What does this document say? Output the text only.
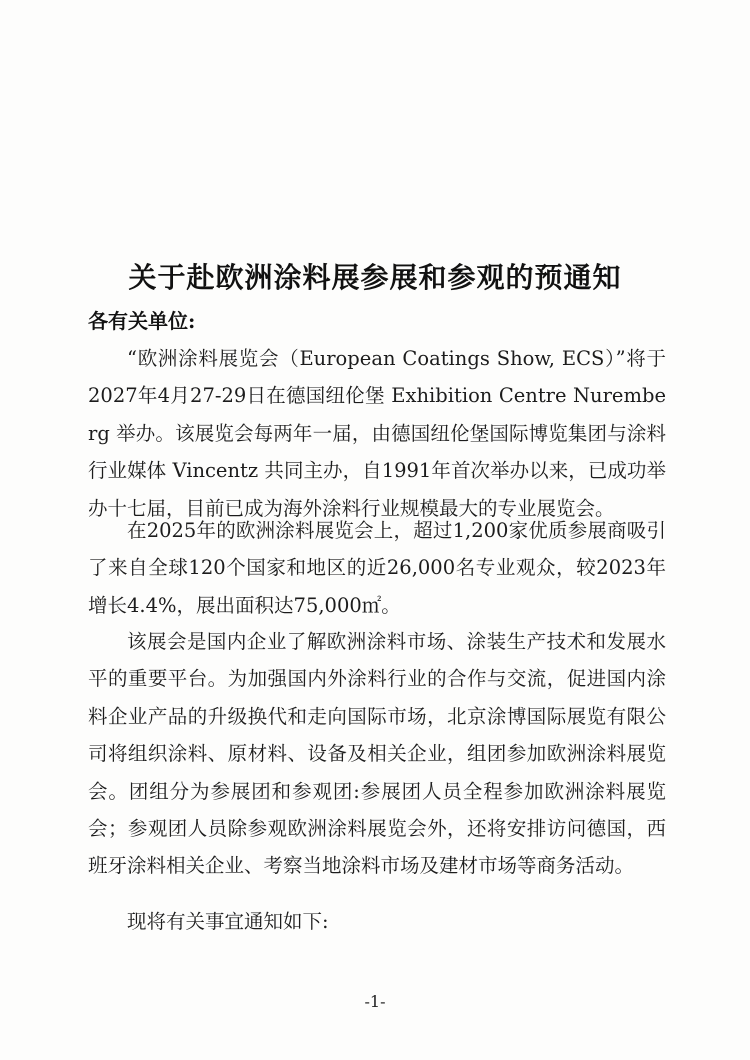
关于赴欧洲涂料展参展和参观的预通知
各有关单位:

“欧洲涂料展览会（European Coatings Show, ECS）”将于2027年4月27-29日在德国纽伦堡 Exhibition Centre Nuremberg 举办。该展览会每两年一届，由德国纽伦堡国际博览集团与涂料行业媒体 Vincentz 共同主办，自1991年首次举办以来，已成功举办十七届，目前已成为海外涂料行业规模最大的专业展览会。

在2025年的欧洲涂料展览会上，超过1,200家优质参展商吸引了来自全球120个国家和地区的近26,000名专业观众，较2023年增长4.4%，展出面积达75,000㎡。

该展会是国内企业了解欧洲涂料市场、涂装生产技术和发展水平的重要平台。为加强国内外涂料行业的合作与交流，促进国内涂料企业产品的升级换代和走向国际市场，北京涂博国际展览有限公司将组织涂料、原材料、设备及相关企业，组团参加欧洲涂料展览会。团组分为参展团和参观团:参展团人员全程参加欧洲涂料展览会；参观团人员除参观欧洲涂料展览会外，还将安排访问德国，西班牙涂料相关企业、考察当地涂料市场及建材市场等商务活动。

现将有关事宜通知如下:

-1-
